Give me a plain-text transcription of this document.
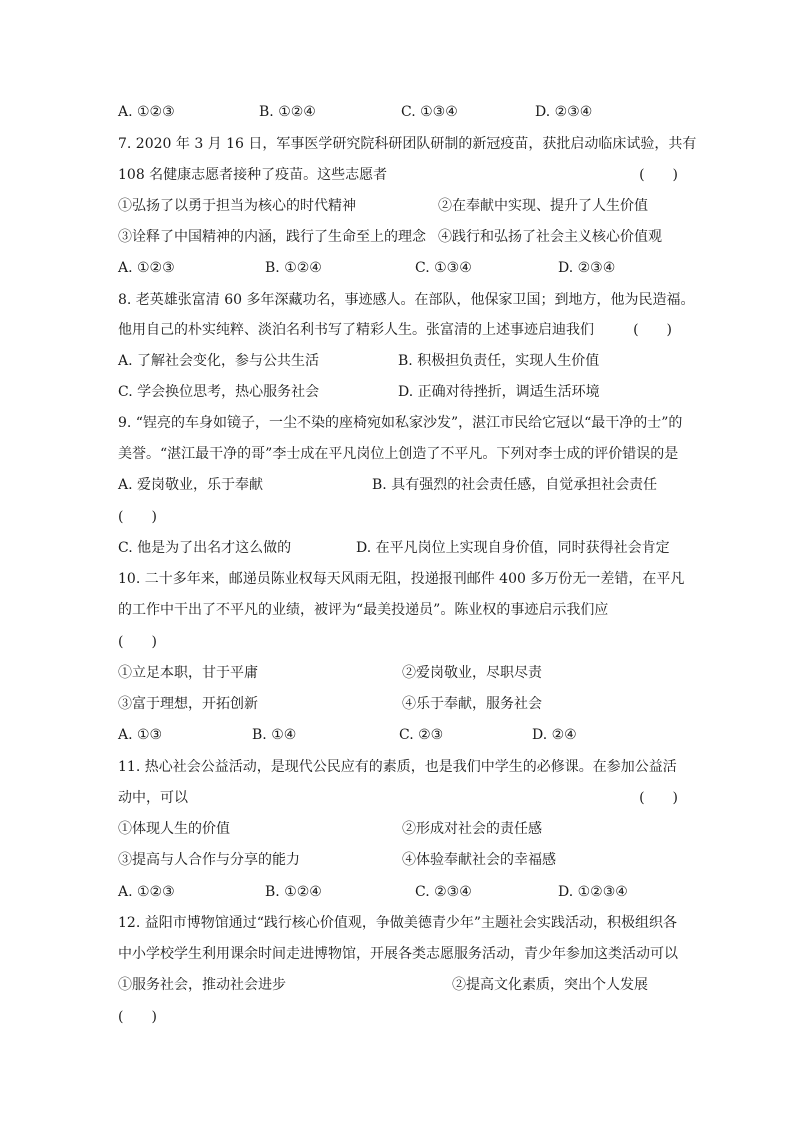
A. ①②③	B. ①②④	C. ①③④	D. ②③④
7. 2020 年 3 月 16 日，军事医学研究院科研团队研制的新冠疫苗，获批启动临床试验，共有
108 名健康志愿者接种了疫苗。这些志愿者	(　　)
①弘扬了以勇于担当为核心的时代精神	②在奉献中实现、提升了人生价值
③诠释了中国精神的内涵，践行了生命至上的理念 ④践行和弘扬了社会主义核心价值观
A. ①②③	B. ①②④	C. ①③④	D. ②③④
8. 老英雄张富清 60 多年深藏功名，事迹感人。在部队，他保家卫国；到地方，他为民造福。
他用自己的朴实纯粹、淡泊名利书写了精彩人生。张富清的上述事迹启迪我们	(　　)
A. 了解社会变化，参与公共生活	B. 积极担负责任，实现人生价值
C. 学会换位思考，热心服务社会	D. 正确对待挫折，调适生活环境
9. “锃亮的车身如镜子，一尘不染的座椅宛如私家沙发”，湛江市民给它冠以“最干净的士”的
美誉。“湛江最干净的哥”李士成在平凡岗位上创造了不平凡。下列对李士成的评价错误的是
A. 爱岗敬业，乐于奉献	B. 具有强烈的社会责任感，自觉承担社会责任
(　　)
C. 他是为了出名才这么做的	D. 在平凡岗位上实现自身价值，同时获得社会肯定
10. 二十多年来，邮递员陈业权每天风雨无阻，投递报刊邮件 400 多万份无一差错，在平凡
的工作中干出了不平凡的业绩，被评为“最美投递员”。陈业权的事迹启示我们应
(　　)
①立足本职，甘于平庸	②爱岗敬业，尽职尽责
③富于理想，开拓创新	④乐于奉献，服务社会
A. ①③	B. ①④	C. ②③	D. ②④
11. 热心社会公益活动，是现代公民应有的素质，也是我们中学生的必修课。在参加公益活
动中，可以	(　　)
①体现人生的价值	②形成对社会的责任感
③提高与人合作与分享的能力	④体验奉献社会的幸福感
A. ①②③	B. ①②④	C. ②③④	D. ①②③④
12. 益阳市博物馆通过“践行核心价值观，争做美德青少年”主题社会实践活动，积极组织各
中小学校学生利用课余时间走进博物馆，开展各类志愿服务活动，青少年参加这类活动可以
①服务社会，推动社会进步	②提高文化素质，突出个人发展
(　　)
